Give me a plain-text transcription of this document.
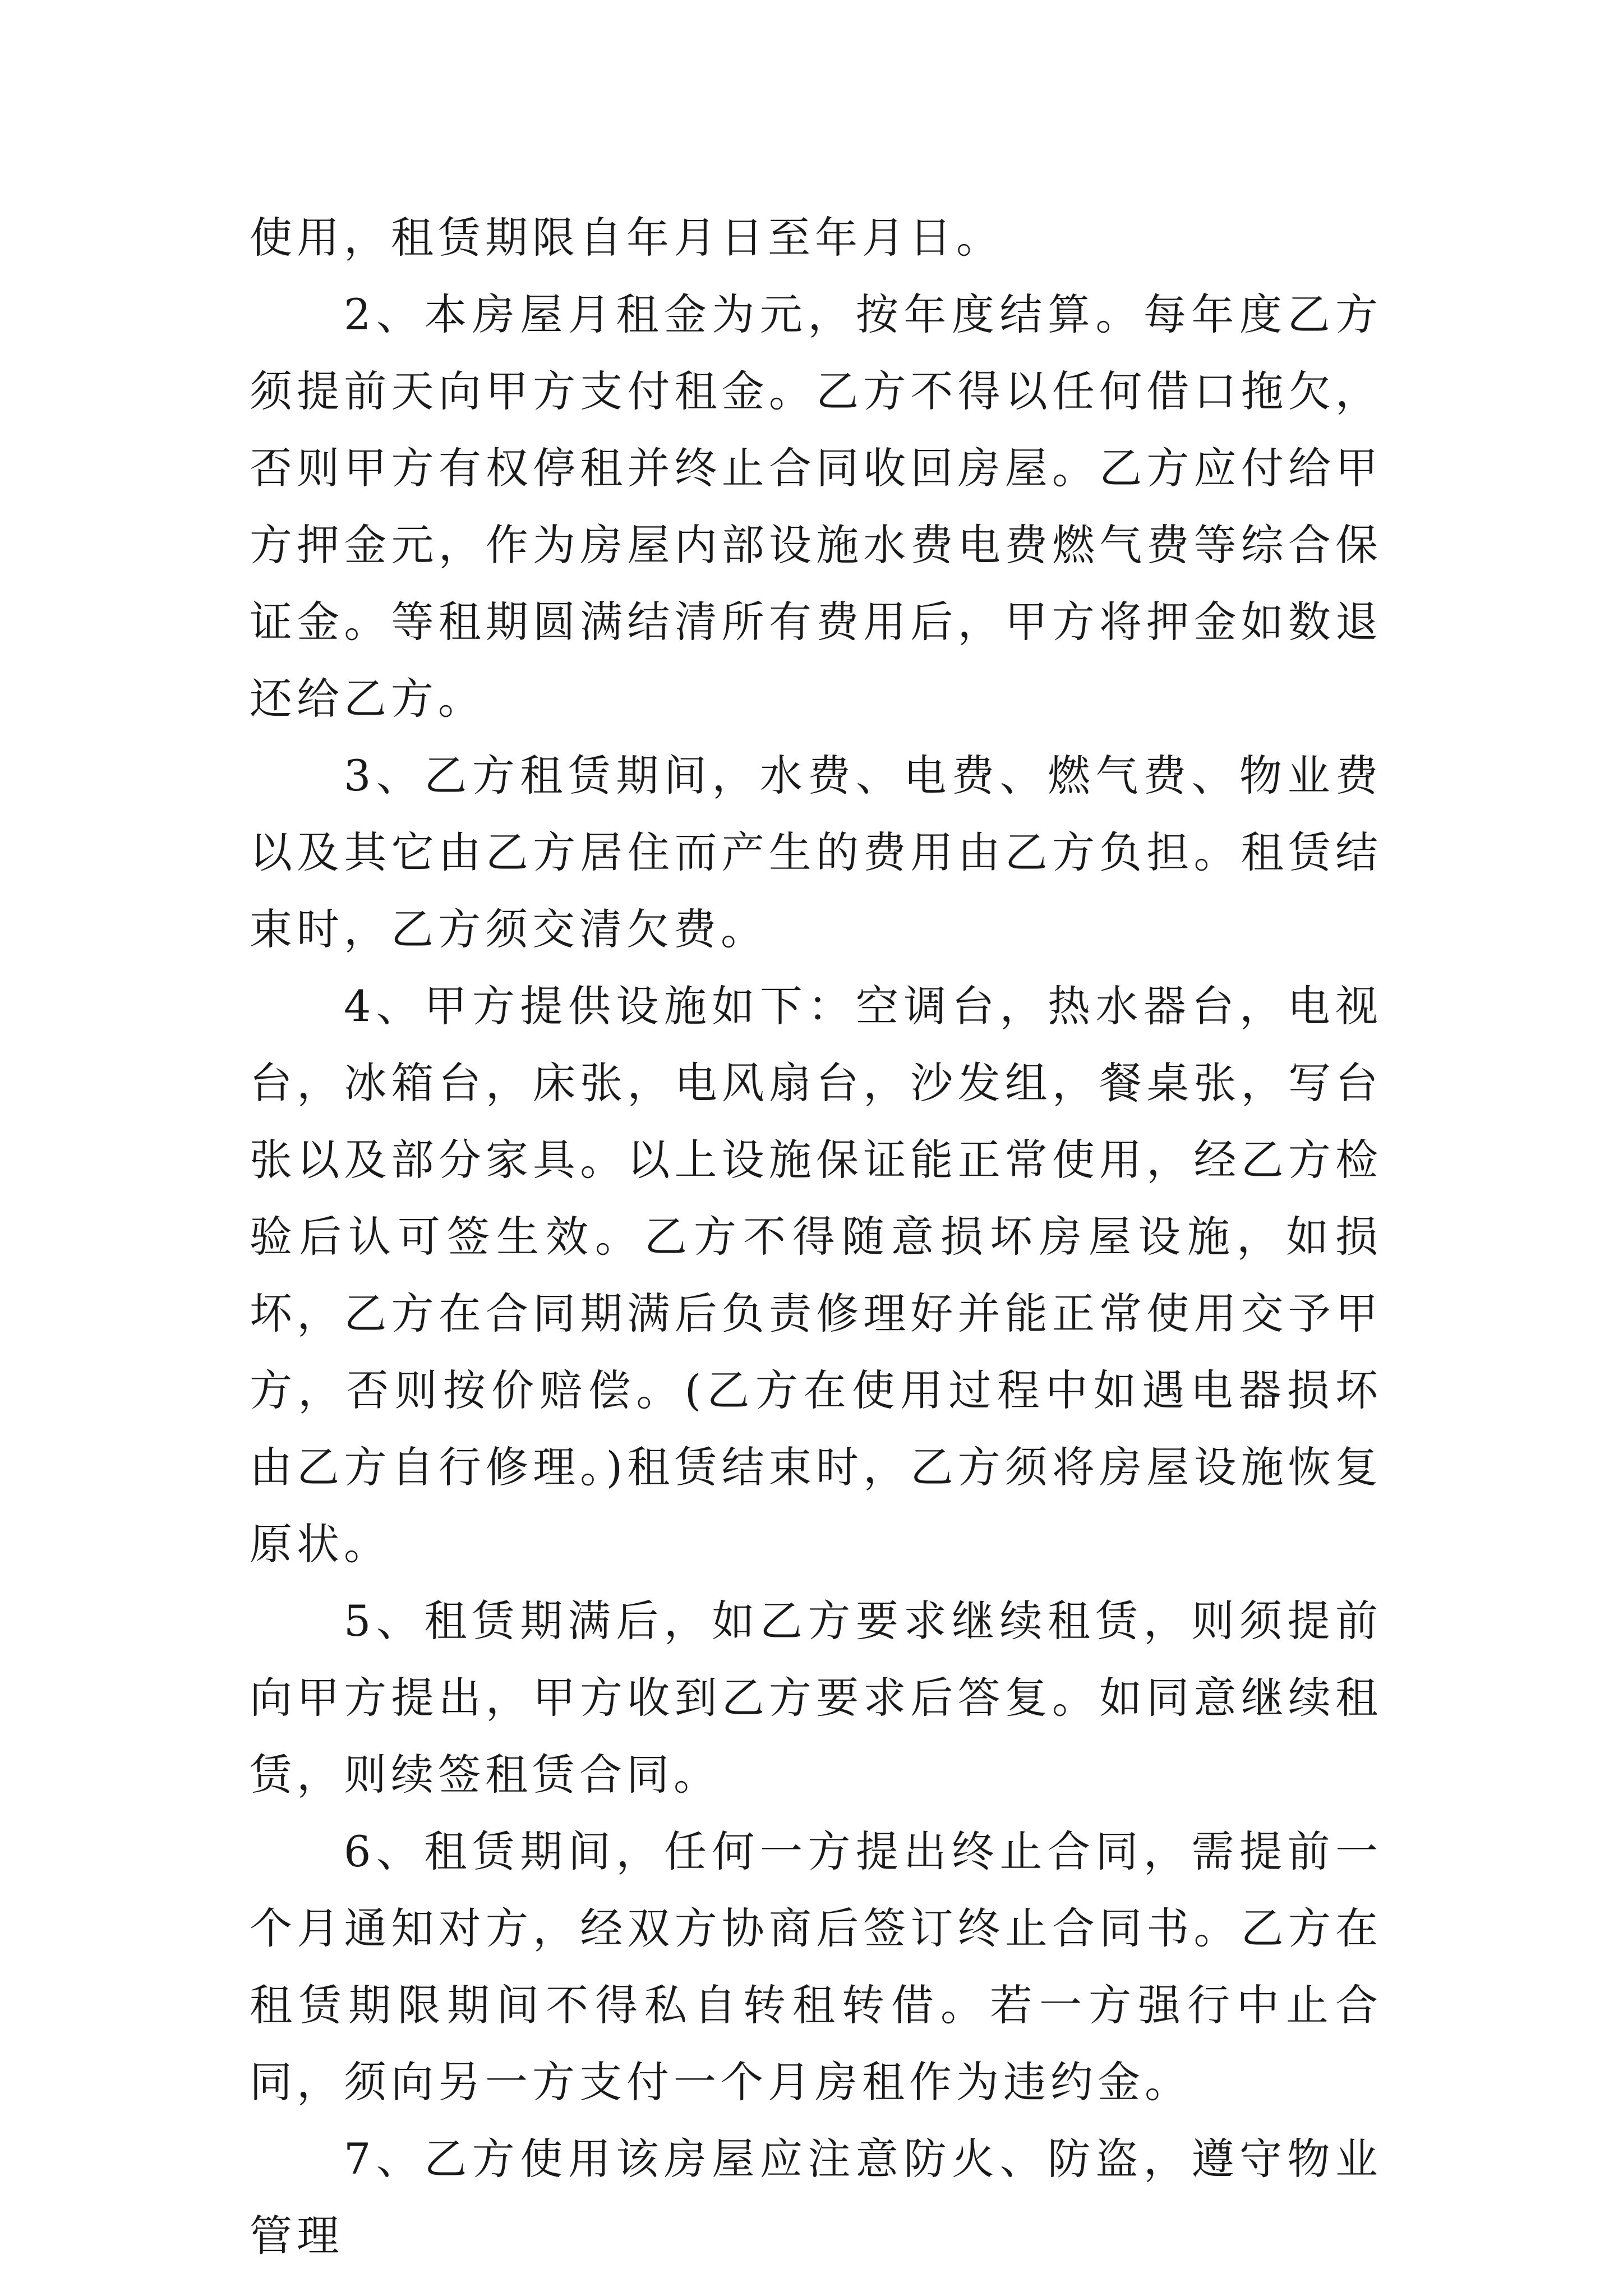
使用，租赁期限自年月日至年月日。

2、本房屋月租金为元，按年度结算。每年度乙方须提前天向甲方支付租金。乙方不得以任何借口拖欠，否则甲方有权停租并终止合同收回房屋。乙方应付给甲方押金元，作为房屋内部设施水费电费燃气费等综合保证金。等租期圆满结清所有费用后，甲方将押金如数退还给乙方。

3、乙方租赁期间，水费、电费、燃气费、物业费以及其它由乙方居住而产生的费用由乙方负担。租赁结束时，乙方须交清欠费。

4、甲方提供设施如下：空调台，热水器台，电视台，冰箱台，床张，电风扇台，沙发组，餐桌张，写台张以及部分家具。以上设施保证能正常使用，经乙方检验后认可签生效。乙方不得随意损坏房屋设施，如损坏，乙方在合同期满后负责修理好并能正常使用交予甲方，否则按价赔偿。(乙方在使用过程中如遇电器损坏由乙方自行修理。)租赁结束时，乙方须将房屋设施恢复原状。

5、租赁期满后，如乙方要求继续租赁，则须提前向甲方提出，甲方收到乙方要求后答复。如同意继续租赁，则续签租赁合同。

6、租赁期间，任何一方提出终止合同，需提前一个月通知对方，经双方协商后签订终止合同书。乙方在租赁期限期间不得私自转租转借。若一方强行中止合同，须向另一方支付一个月房租作为违约金。

7、乙方使用该房屋应注意防火、防盗，遵守物业管理
